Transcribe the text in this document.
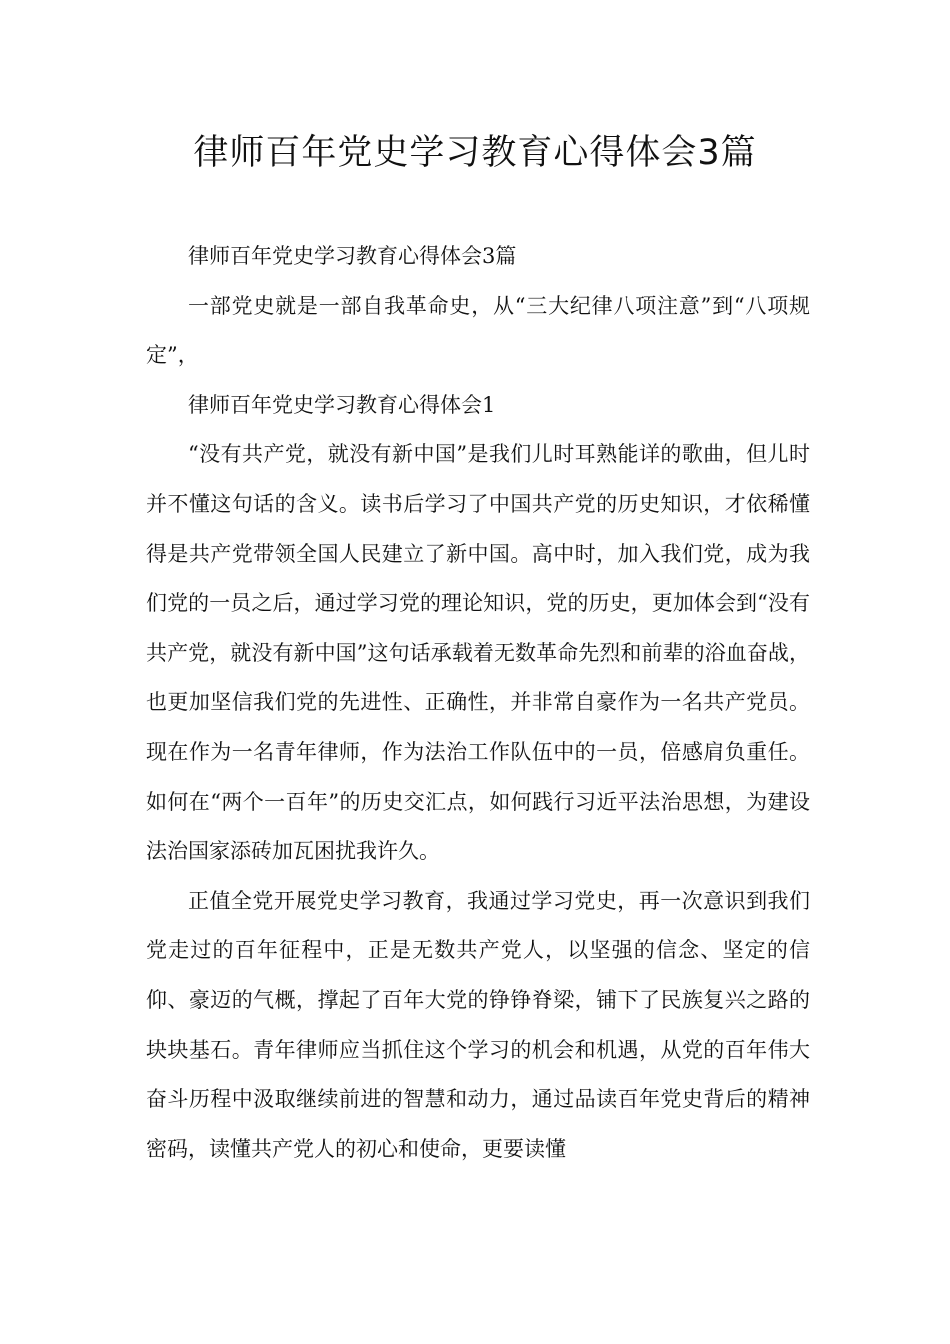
律师百年党史学习教育心得体会3篇

律师百年党史学习教育心得体会3篇

一部党史就是一部自我革命史，从“三大纪律八项注意”到“八项规定”，

律师百年党史学习教育心得体会1

“没有共产党，就没有新中国”是我们儿时耳熟能详的歌曲，但儿时并不懂这句话的含义。读书后学习了中国共产党的历史知识，才依稀懂得是共产党带领全国人民建立了新中国。高中时，加入我们党，成为我们党的一员之后，通过学习党的理论知识，党的历史，更加体会到“没有共产党，就没有新中国”这句话承载着无数革命先烈和前辈的浴血奋战，也更加坚信我们党的先进性、正确性，并非常自豪作为一名共产党员。现在作为一名青年律师，作为法治工作队伍中的一员，倍感肩负重任。如何在“两个一百年”的历史交汇点，如何践行习近平法治思想，为建设法治国家添砖加瓦困扰我许久。

正值全党开展党史学习教育，我通过学习党史，再一次意识到我们党走过的百年征程中，正是无数共产党人，以坚强的信念、坚定的信仰、豪迈的气概，撑起了百年大党的铮铮脊梁，铺下了民族复兴之路的块块基石。青年律师应当抓住这个学习的机会和机遇，从党的百年伟大奋斗历程中汲取继续前进的智慧和动力，通过品读百年党史背后的精神密码，读懂共产党人的初心和使命，更要读懂
